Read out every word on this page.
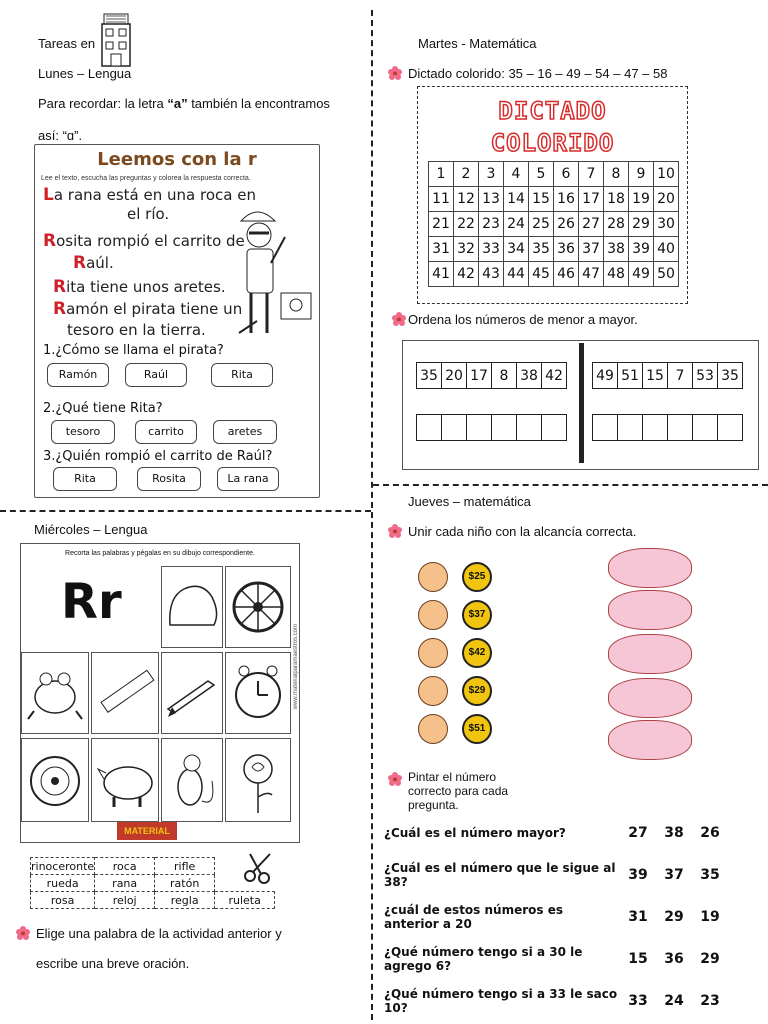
Tareas en
Lunes – Lengua
Para recordar: la letra “a” también la encontramos
así: “ɑ”.
Leemos con la r
Lee el texto, escucha las preguntas y colorea la respuesta correcta.
La rana está en una roca en
el río.
Rosita rompió el carrito de
Raúl.
Rita tiene unos aretes.
Ramón el pirata tiene un
tesoro en la tierra.
1.¿Cómo se llama el pirata?
Ramón	Raúl	Rita
2.¿Qué tiene Rita?
tesoro	carrito	aretes
3.¿Quién rompió el carrito de Raúl?
Rita	Rosita	La rana
Miércoles – Lengua
Recorta las palabras y pégalas en su dibujo correspondiente.
Rr
MATERIAL
www.materialparamaestros.com
rinoceronte	roca	rifle	
rueda	rana	ratón	
rosa	reloj	regla	ruleta
Elige una palabra de la actividad anterior y
escribe una breve oración.
Martes - Matemática
Dictado colorido: 35 – 16 – 49 – 54 – 47 – 58
DICTADO
COLORIDO
1	2	3	4	5	6	7	8	9	10
11	12	13	14	15	16	17	18	19	20
21	22	23	24	25	26	27	28	29	30
31	32	33	34	35	36	37	38	39	40
41	42	43	44	45	46	47	48	49	50
Ordena los números de menor a mayor.
35	20	17	8	38	42
					49	51	15	7	53	35

Jueves – matemática
Unir cada niño con la alcancía correcta.
$25
$37
$42
$29
$51
Pintar el número
correcto para cada
pregunta.
¿Cuál es el número mayor?	27	38	26
¿Cuál es el número que le sigue al 38?	39	37	35
¿cuál de estos números es anterior a 20	31	29	19
¿Qué número tengo si a 30 le agrego 6?	15	36	29
¿Qué número tengo si a 33 le saco 10?	33	24	23
